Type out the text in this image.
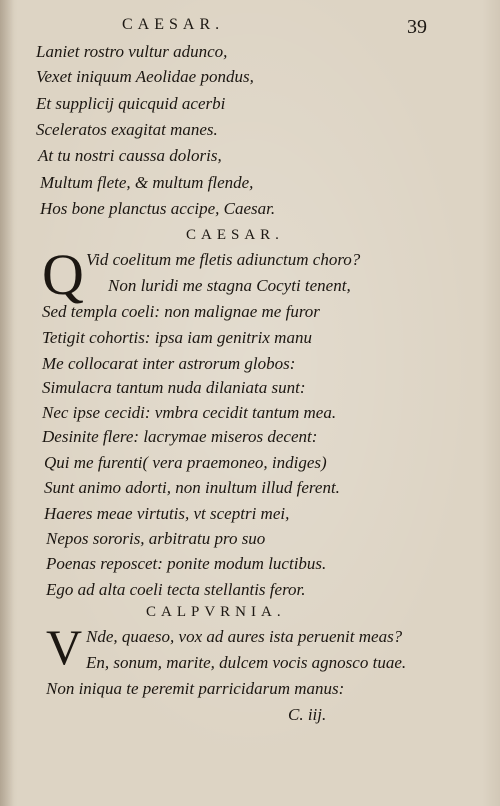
CAESAR.	39
Laniet rostro vultur adunco,
Vexet iniquum Aeolidae pondus,
Et supplicij quicquid acerbi
Sceleratos exagitat manes.
At tu nostri caussa doloris,
Multum flete, & multum flende,
Hos bone planctus accipe, Caesar.
CAESAR.
Q Vid coelitum me fletis adiunctum choro?
Non luridi me stagna Cocyti tenent,
Sed templa coeli: non malignae me furor
Tetigit cohortis: ipsa iam genitrix manu
Me collocarat inter astrorum globos:
Simulacra tantum nuda dilaniata sunt:
Nec ipse cecidi: vmbra cecidit tantum mea.
Desinite flere: lacrymae miseros decent:
Qui me furenti( vera praemoneo, indiges)
Sunt animo adorti, non inultum illud ferent.
Haeres meae virtutis, vt sceptri mei,
Nepos sororis, arbitratu pro suo
Poenas reposcet: ponite modum luctibus.
Ego ad alta coeli tecta stellantis feror.
CALPVRNIA.
V Nde, quaeso, vox ad aures ista peruenit meas?
En, sonum, marite, dulcem vocis agnosco tuae.
Non iniqua te peremit parricidarum manus:
C. iij.
